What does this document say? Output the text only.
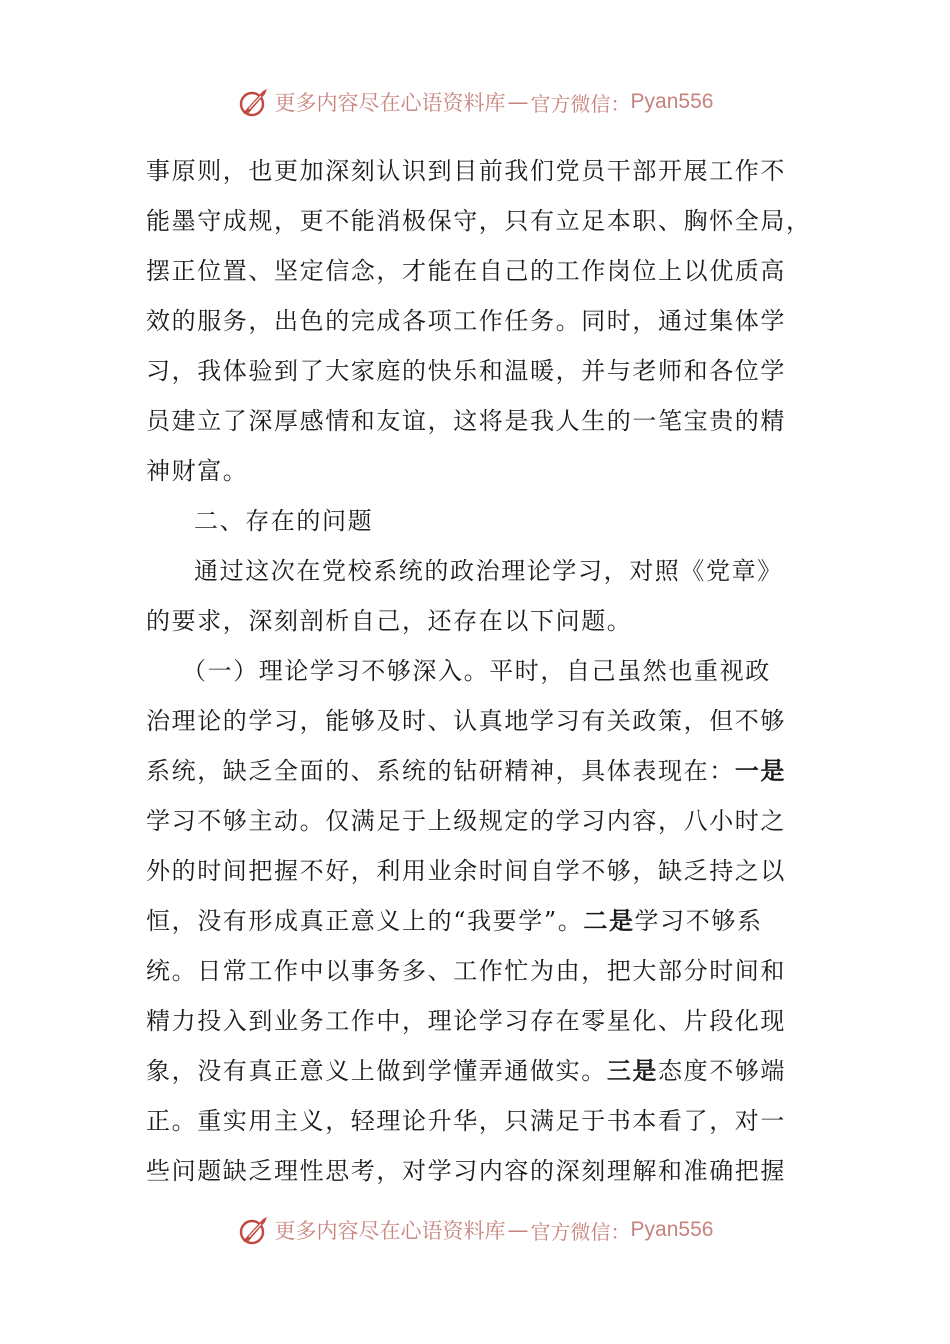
更多内容尽在心语资料库 — 官方微信： Pyan556
事原则，也更加深刻认识到目前我们党员干部开展工作不
能墨守成规，更不能消极保守，只有立足本职、胸怀全局，
摆正位置、坚定信念，才能在自己的工作岗位上以优质高
效的服务，出色的完成各项工作任务。同时，通过集体学
习，我体验到了大家庭的快乐和温暖，并与老师和各位学
员建立了深厚感情和友谊，这将是我人生的一笔宝贵的精
神财富。
二、存在的问题
通过这次在党校系统的政治理论学习，对照《党章》
的要求，深刻剖析自己，还存在以下问题。
（一）理论学习不够深入。平时，自己虽然也重视政
治理论的学习，能够及时、认真地学习有关政策，但不够
系统，缺乏全面的、系统的钻研精神，具体表现在：一是
学习不够主动。仅满足于上级规定的学习内容，八小时之
外的时间把握不好，利用业余时间自学不够，缺乏持之以
恒，没有形成真正意义上的“我要学”。二是学习不够系
统。日常工作中以事务多、工作忙为由，把大部分时间和
精力投入到业务工作中，理论学习存在零星化、片段化现
象，没有真正意义上做到学懂弄通做实。三是态度不够端
正。重实用主义，轻理论升华，只满足于书本看了，对一
些问题缺乏理性思考，对学习内容的深刻理解和准确把握
更多内容尽在心语资料库 — 官方微信： Pyan556
